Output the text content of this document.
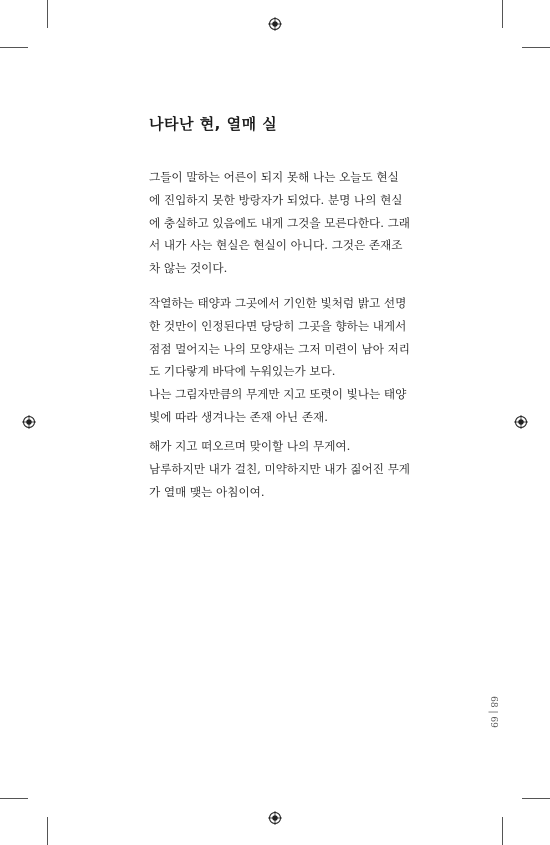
나타난 현, 열매 실

그들이 말하는 어른이 되지 못해 나는 오늘도 현실
에 진입하지 못한 방랑자가 되었다. 분명 나의 현실
에 충실하고 있음에도 내게 그것을 모른다한다. 그래
서 내가 사는 현실은 현실이 아니다. 그것은 존재조
차 않는 것이다.

작열하는 태양과 그곳에서 기인한 빛처럼 밝고 선명
한 것만이 인정된다면 당당히 그곳을 향하는 내게서
점점 멀어지는 나의 모양새는 그저 미련이 남아 저리
도 기다랗게 바닥에 누워있는가 보다.
나는 그림자만큼의 무게만 지고 또렷이 빛나는 태양
빛에 따라 생겨나는 존재 아닌 존재.

해가 지고 떠오르며 맞이할 나의 무게여.
남루하지만 내가 걸친, 미약하지만 내가 짊어진 무게
가 열매 맺는 아침이여.

68 | 69
